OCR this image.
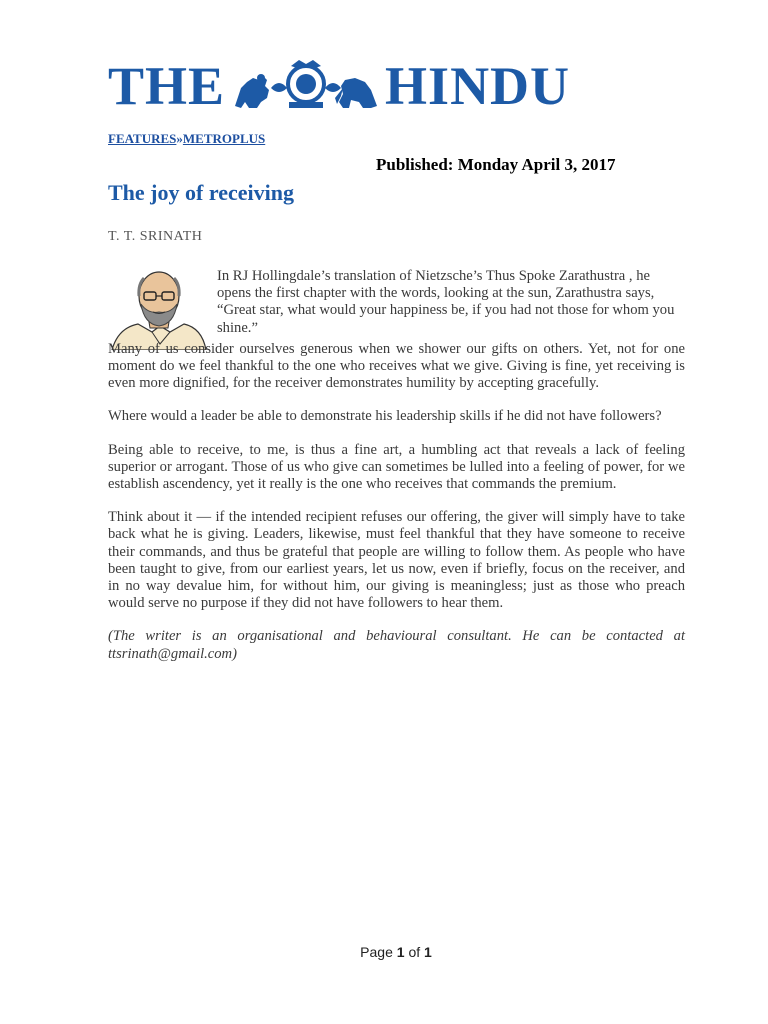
THE	HINDU
FEATURES»METROPLUS
Published: Monday April 3, 2017
The joy of receiving
T. T. SRINATH

In RJ Hollingdale’s translation of Nietzsche’s Thus Spoke Zarathustra , he opens the first chapter with the words, looking at the sun, Zarathustra says, “Great star, what would your happiness be, if you had not those for whom you shine.”

Many of us consider ourselves generous when we shower our gifts on others. Yet, not for one moment do we feel thankful to the one who receives what we give. Giving is fine, yet receiving is even more dignified, for the receiver demonstrates humility by accepting gracefully.

Where would a leader be able to demonstrate his leadership skills if he did not have followers?

Being able to receive, to me, is thus a fine art, a humbling act that reveals a lack of feeling superior or arrogant. Those of us who give can sometimes be lulled into a feeling of power, for we establish ascendency, yet it really is the one who receives that commands the premium.

Think about it — if the intended recipient refuses our offering, the giver will simply have to take back what he is giving. Leaders, likewise, must feel thankful that they have someone to receive their commands, and thus be grateful that people are willing to follow them. As people who have been taught to give, from our earliest years, let us now, even if briefly, focus on the receiver, and in no way devalue him, for without him, our giving is meaningless; just as those who preach would serve no purpose if they did not have followers to hear them.

(The writer is an organisational and behavioural consultant. He can be contacted at ttsrinath@gmail.com)

Page 1 of 1
